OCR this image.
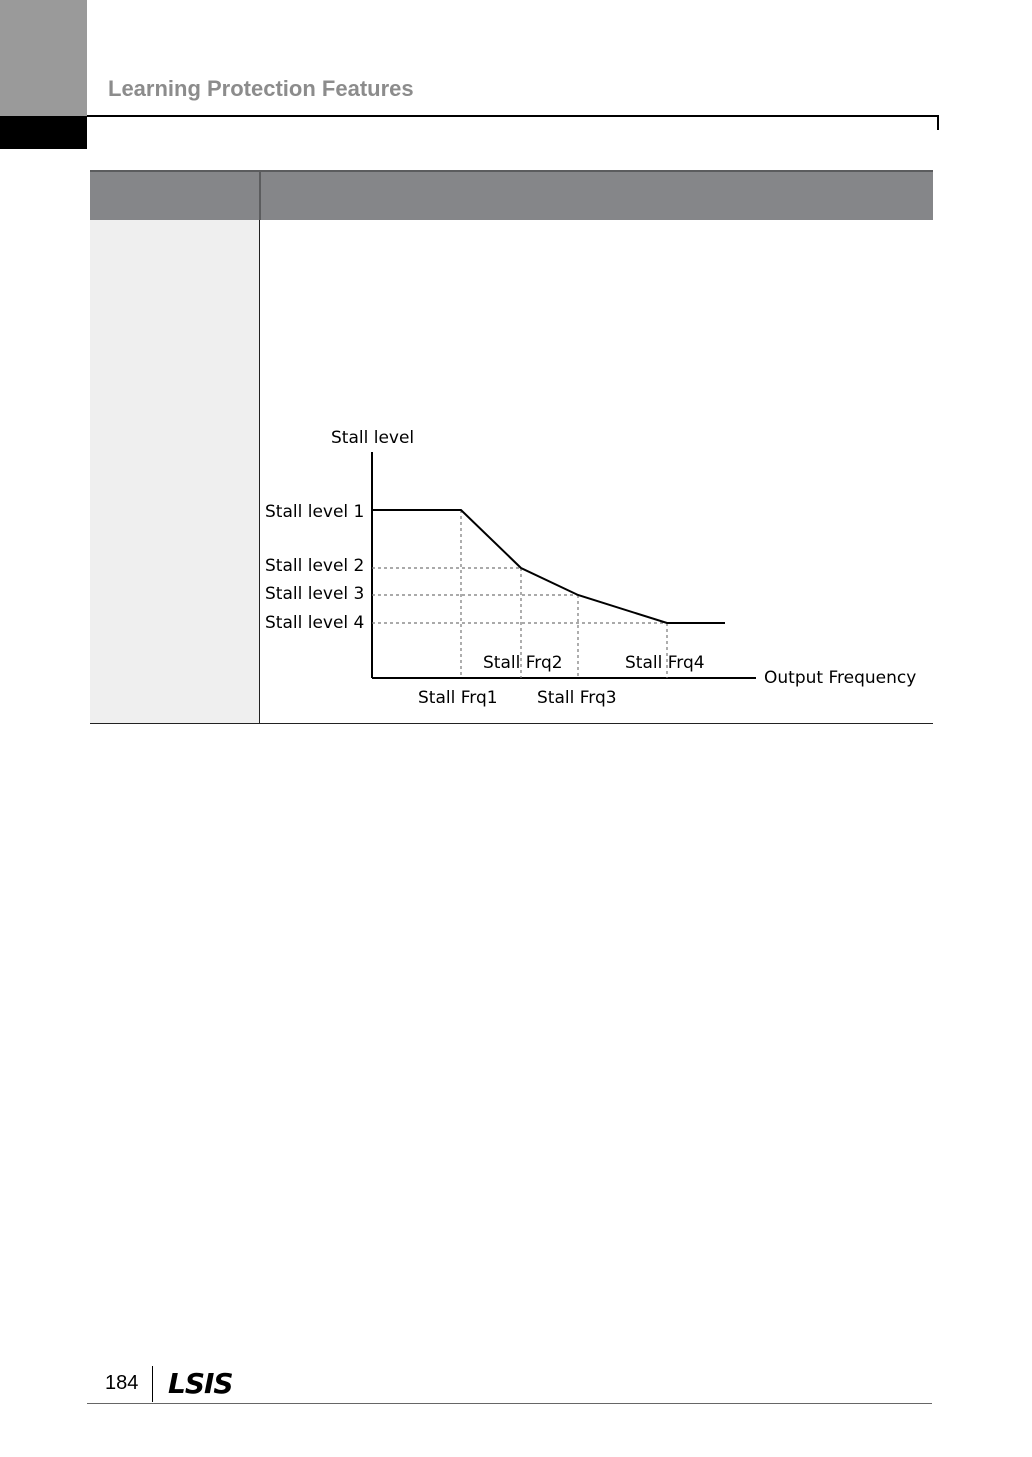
Learning Protection Features
Stall level
Output Frequency
Stall level 1
Stall level 2
Stall level 3
Stall level 4
Stall Frq1
Stall Frq2
Stall Frq3
Stall Frq4
184 LSIS
